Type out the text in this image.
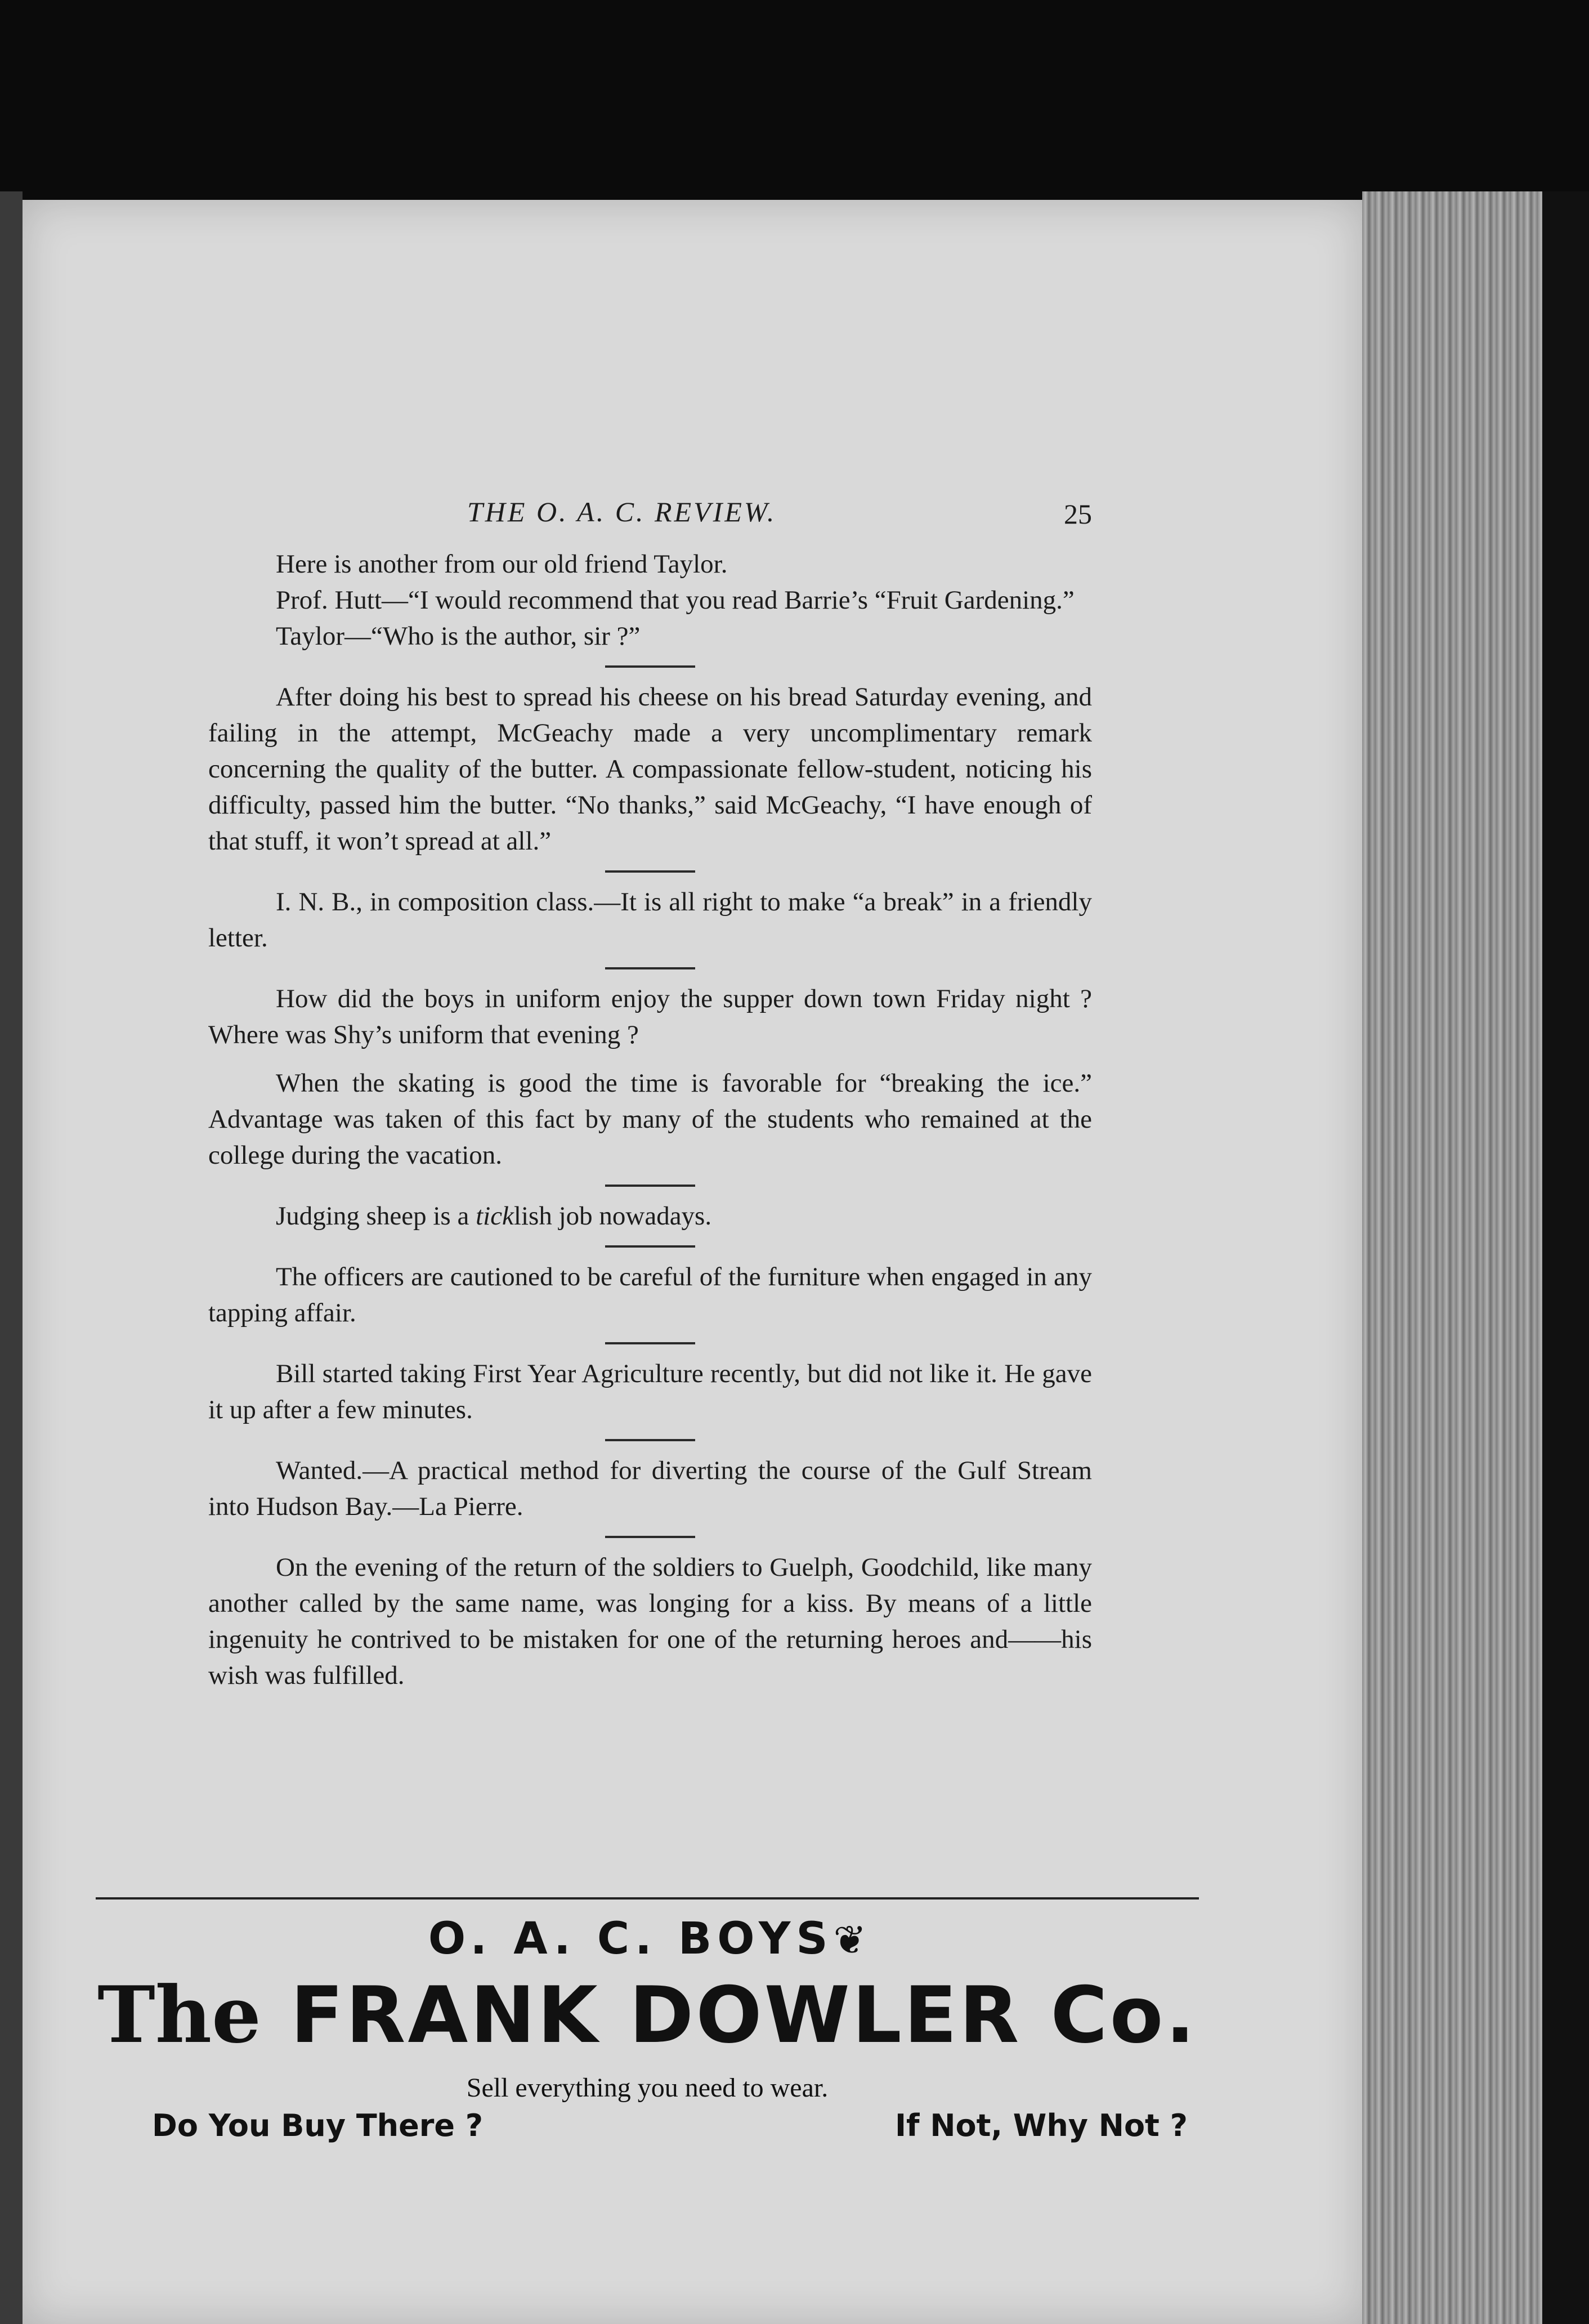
THE O. A. C. REVIEW.	25

Here is another from our old friend Taylor.

Prof. Hutt—“I would recommend that you read Barrie’s “Fruit Gardening.”

Taylor—“Who is the author, sir ?”

After doing his best to spread his cheese on his bread Saturday evening, and failing in the attempt, McGeachy made a very uncomplimentary remark concerning the quality of the butter. A compassionate fellow-student, noticing his difficulty, passed him the butter. “No thanks,” said McGeachy, “I have enough of that stuff, it won’t spread at all.”

I. N. B., in composition class.—It is all right to make “a break” in a friendly letter.

How did the boys in uniform enjoy the supper down town Friday night ? Where was Shy’s uniform that evening ?

When the skating is good the time is favorable for “breaking the ice.” Advantage was taken of this fact by many of the students who remained at the college during the vacation.

Judging sheep is a ticklish job nowadays.

The officers are cautioned to be careful of the furniture when engaged in any tapping affair.

Bill started taking First Year Agriculture recently, but did not like it. He gave it up after a few minutes.

Wanted.—A practical method for diverting the course of the Gulf Stream into Hudson Bay.—La Pierre.

On the evening of the return of the soldiers to Guelph, Goodchild, like many another called by the same name, was longing for a kiss. By means of a little ingenuity he contrived to be mistaken for one of the returning heroes and——his wish was fulfilled.

O. A. C. BOYS❦
The FRANK DOWLER Co.
Sell everything you need to wear.
Do You Buy There ?	If Not, Why Not ?
